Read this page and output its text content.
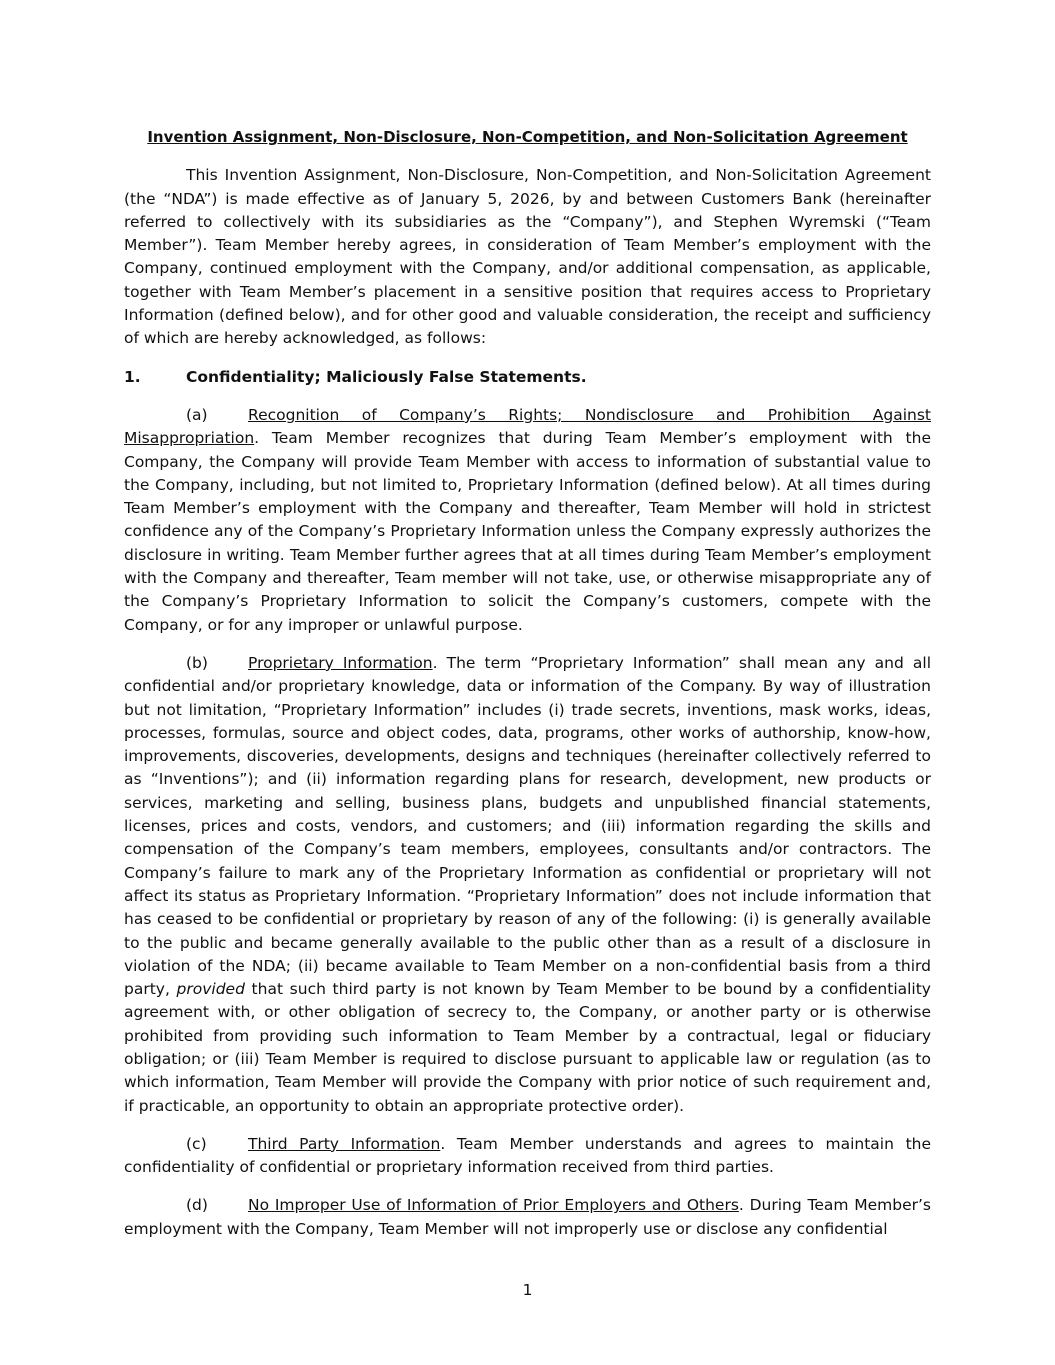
Invention Assignment, Non-Disclosure, Non-Competition, and Non-Solicitation Agreement

This Invention Assignment, Non-Disclosure, Non-Competition, and Non-Solicitation Agreement (the “NDA”) is made effective as of January 5, 2026, by and between Customers Bank (hereinafter referred to collectively with its subsidiaries as the “Company”), and Stephen Wyremski (“Team Member”). Team Member hereby agrees, in consideration of Team Member’s employment with the Company, continued employment with the Company, and/or additional compensation, as applicable, together with Team Member’s placement in a sensitive position that requires access to Proprietary Information (defined below), and for other good and valuable consideration, the receipt and sufficiency of which are hereby acknowledged, as follows:

1.	Confidentiality; Maliciously False Statements.

(a)	Recognition of Company’s Rights; Nondisclosure and Prohibition Against Misappropriation. Team Member recognizes that during Team Member’s employment with the Company, the Company will provide Team Member with access to information of substantial value to the Company, including, but not limited to, Proprietary Information (defined below). At all times during Team Member’s employment with the Company and thereafter, Team Member will hold in strictest confidence any of the Company’s Proprietary Information unless the Company expressly authorizes the disclosure in writing. Team Member further agrees that at all times during Team Member’s employment with the Company and thereafter, Team member will not take, use, or otherwise misappropriate any of the Company’s Proprietary Information to solicit the Company’s customers, compete with the Company, or for any improper or unlawful purpose.

(b)	Proprietary Information. The term “Proprietary Information” shall mean any and all confidential and/or proprietary knowledge, data or information of the Company. By way of illustration but not limitation, “Proprietary Information” includes (i) trade secrets, inventions, mask works, ideas, processes, formulas, source and object codes, data, programs, other works of authorship, know-how, improvements, discoveries, developments, designs and techniques (hereinafter collectively referred to as “Inventions”); and (ii) information regarding plans for research, development, new products or services, marketing and selling, business plans, budgets and unpublished financial statements, licenses, prices and costs, vendors, and customers; and (iii) information regarding the skills and compensation of the Company’s team members, employees, consultants and/or contractors. The Company’s failure to mark any of the Proprietary Information as confidential or proprietary will not affect its status as Proprietary Information. “Proprietary Information” does not include information that has ceased to be confidential or proprietary by reason of any of the following: (i) is generally available to the public and became generally available to the public other than as a result of a disclosure in violation of the NDA; (ii) became available to Team Member on a non-confidential basis from a third party, provided that such third party is not known by Team Member to be bound by a confidentiality agreement with, or other obligation of secrecy to, the Company, or another party or is otherwise prohibited from providing such information to Team Member by a contractual, legal or fiduciary obligation; or (iii) Team Member is required to disclose pursuant to applicable law or regulation (as to which information, Team Member will provide the Company with prior notice of such requirement and, if practicable, an opportunity to obtain an appropriate protective order).

(c)	Third Party Information. Team Member understands and agrees to maintain the confidentiality of confidential or proprietary information received from third parties.

(d)	No Improper Use of Information of Prior Employers and Others. During Team Member’s employment with the Company, Team Member will not improperly use or disclose any confidential

1
